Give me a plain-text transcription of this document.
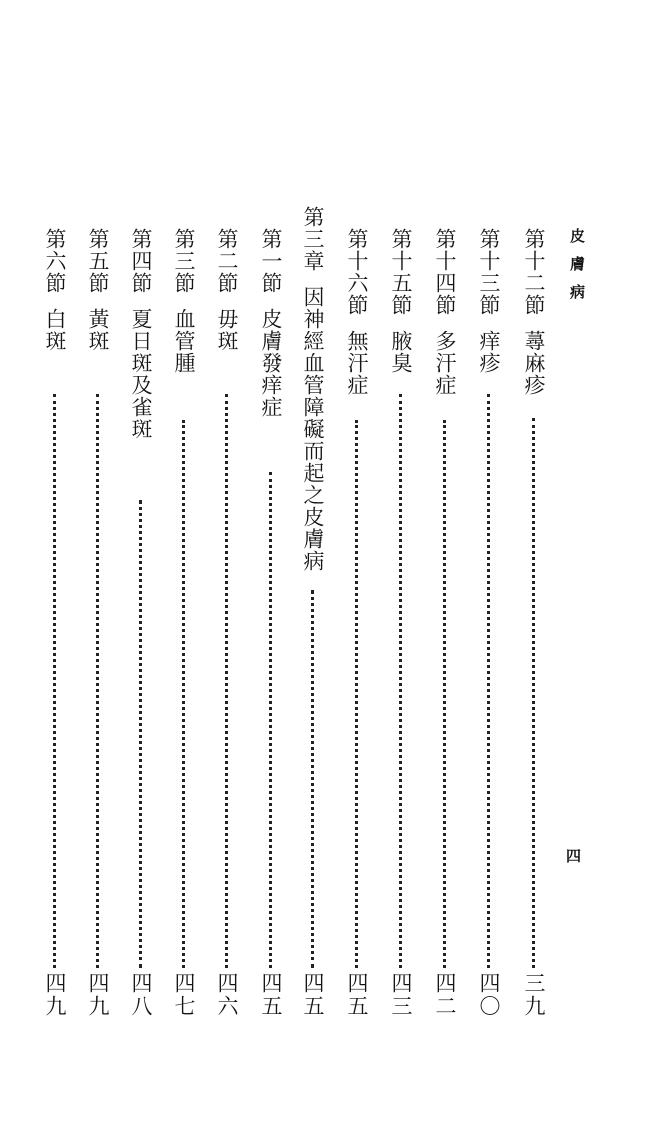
皮膚病
四
第十二節蕁麻疹
三九
第十三節痒疹
四〇
第十四節多汗症
四二
第十五節腋臭
四三
第十六節無汗症
四五
第三章因神經血管障礙而起之皮膚病
四五
第一節皮膚發痒症
四五
第二節毋斑
四六
第三節血管腫
四七
第四節夏日斑及雀斑
四八
第五節黃斑
四九
第六節白斑
四九
